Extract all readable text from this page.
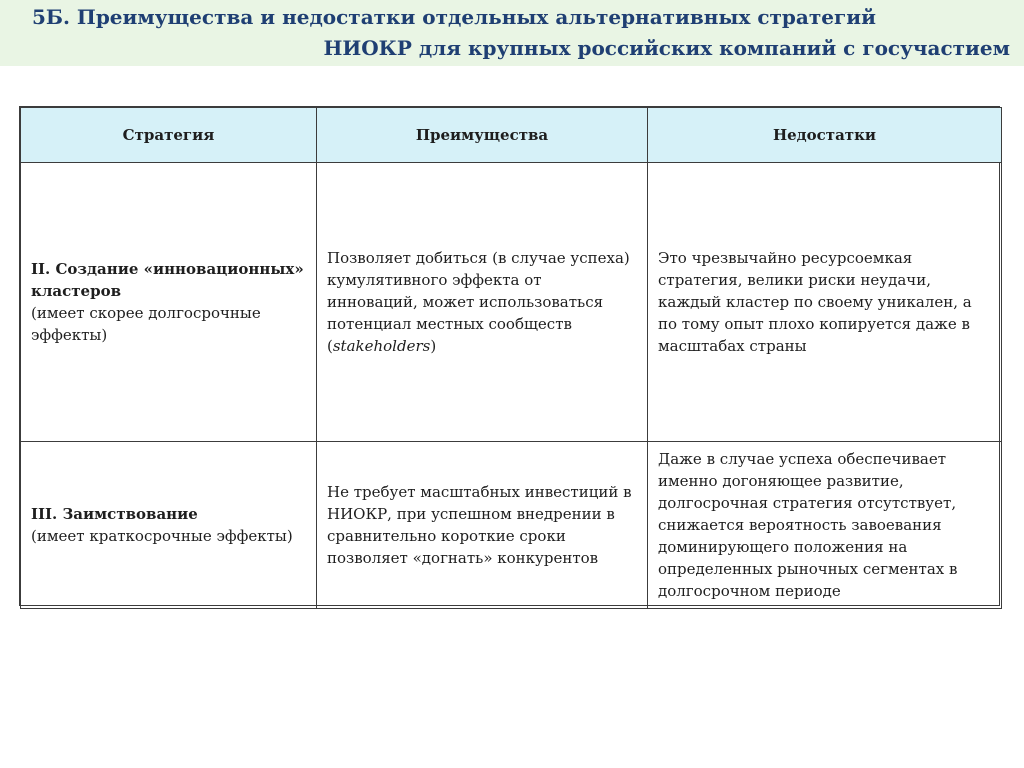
5Б. Преимущества и недостатки отдельных альтернативных стратегий
НИОКР для крупных российских компаний с госучастием
Стратегия	Преимущества	Недостатки

II. Создание «инновационных» кластеров
(имеет скорее долгосрочные эффекты)	Позволяет добиться (в случае успеха) кумулятивного эффекта от инноваций, может использоваться потенциал местных сообществ (stakeholders)	Это чрезвычайно ресурсоемкая стратегия, велики риски неудачи, каждый кластер по своему уникален, а по тому опыт плохо копируется даже в масштабах страны

III. Заимствование
(имеет краткосрочные эффекты)	Не требует масштабных инвестиций в НИОКР, при успешном внедрении в сравнительно короткие сроки позволяет «догнать» конкурентов	Даже в случае успеха обеспечивает именно догоняющее развитие, долгосрочная стратегия отсутствует, снижается вероятность завоевания доминирующего положения на определенных рыночных сегментах в долгосрочном периоде
